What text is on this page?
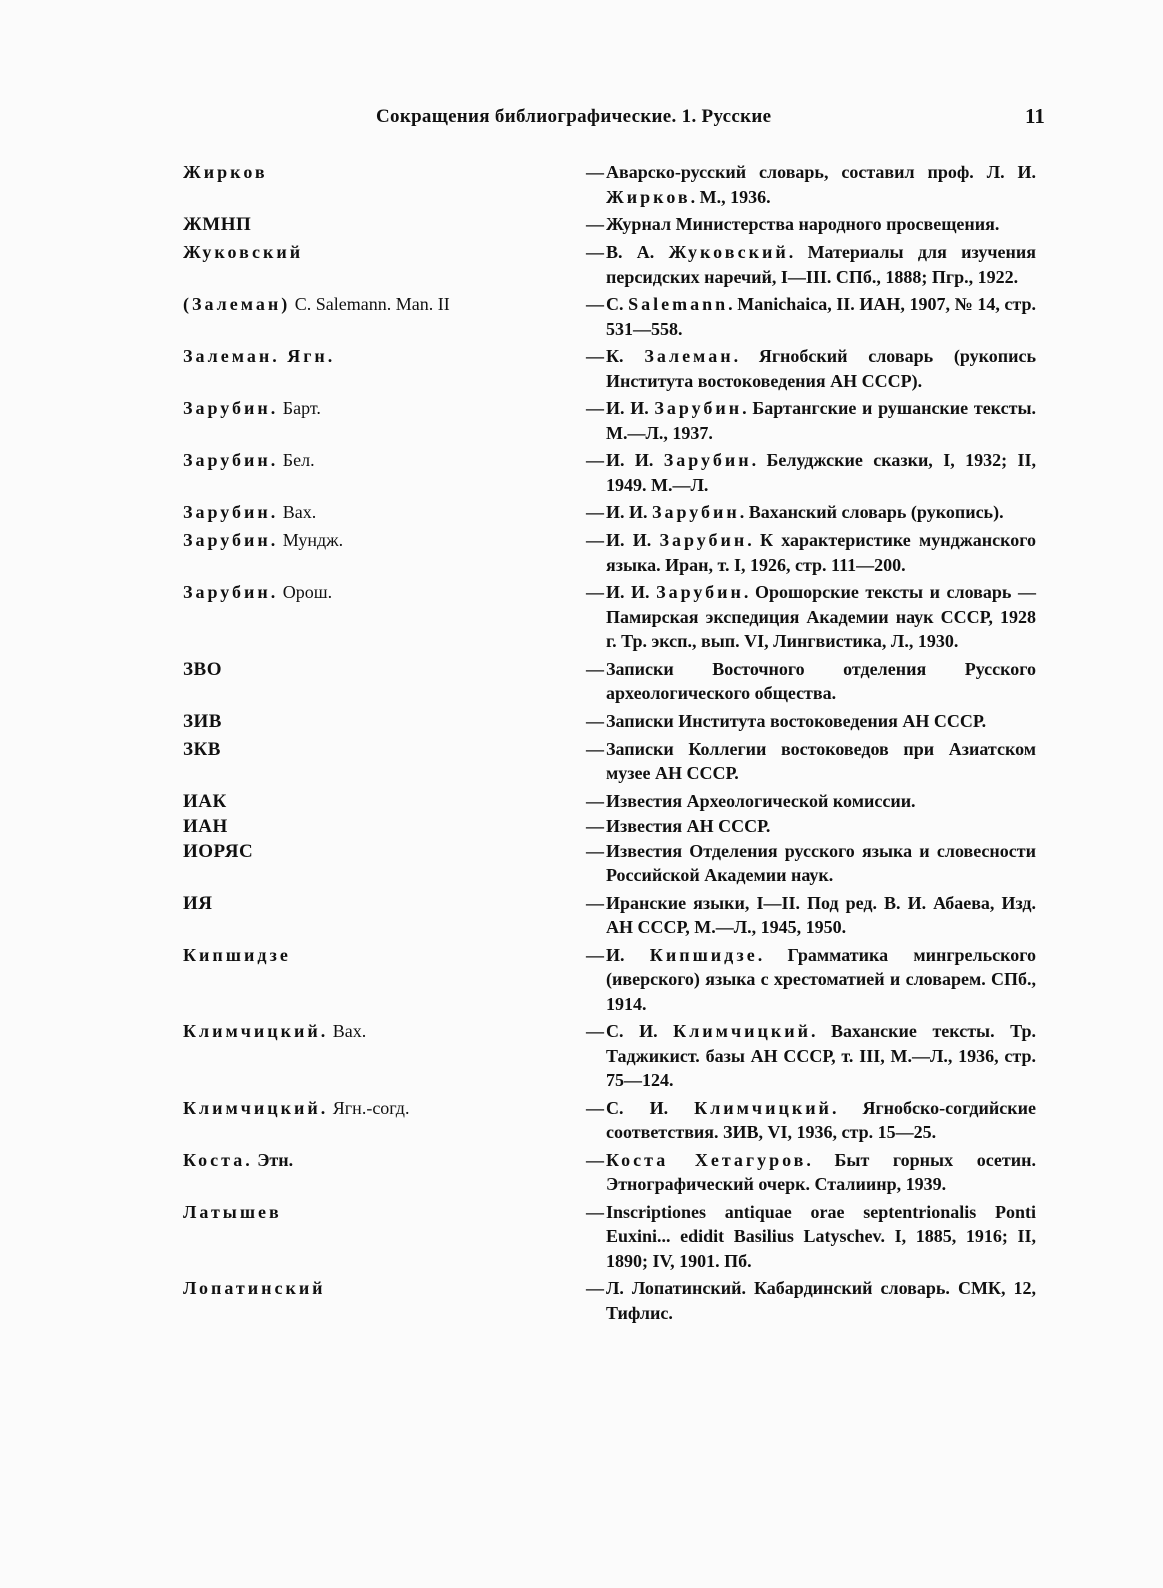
Сокращения библиографические. 1. Русские	11
Жирков	— Аварско-русский словарь, составил проф. Л. И. Жирков. М., 1936.
ЖМНП	— Журнал Министерства народного просвещения.
Жуковский	— В. А. Жуковский. Материалы для изучения персидских наречий, I—III. СПб., 1888; Пгр., 1922.
(Залеман) C. Salemann. Man. II	— C. Salemann. Manichaica, II. ИАН, 1907, № 14, стр. 531—558.
Залеман. Ягн.	— К. Залеман. Ягнобский словарь (рукопись Института востоковедения АН СССР).
Зарубин. Барт.	— И. И. Зарубин. Бартангские и рушанские тексты. М.—Л., 1937.
Зарубин. Бел.	— И. И. Зарубин. Белуджские сказки, I, 1932; II, 1949. М.—Л.
Зарубин. Вах.	— И. И. Зарубин. Ваханский словарь (рукопись).
Зарубин. Мундж.	— И. И. Зарубин. К характеристике мунджанского языка. Иран, т. I, 1926, стр. 111—200.
Зарубин. Орош.	— И. И. Зарубин. Орошорские тексты и словарь — Памирская экспедиция Академии наук СССР, 1928 г. Тр. эксп., вып. VI, Лингвистика, Л., 1930.
ЗВО	— Записки Восточного отделения Русского археологического общества.
ЗИВ	— Записки Института востоковедения АН СССР.
ЗКВ	— Записки Коллегии востоковедов при Азиатском музее АН СССР.
ИАК	— Известия Археологической комиссии.
ИАН	— Известия АН СССР.
ИОРЯС	— Известия Отделения русского языка и словесности Российской Академии наук.
ИЯ	— Иранские языки, I—II. Под ред. В. И. Абаева, Изд. АН СССР, М.—Л., 1945, 1950.
Кипшидзе	— И. Кипшидзе. Грамматика мингрельского (иверского) языка с хрестоматией и словарем. СПб., 1914.
Климчицкий. Вах.	— С. И. Климчицкий. Ваханские тексты. Тр. Таджикист. базы АН СССР, т. III, М.—Л., 1936, стр. 75—124.
Климчицкий. Ягн.-согд.	— С. И. Климчицкий. Ягнобско-согдийские соответствия. ЗИВ, VI, 1936, стр. 15—25.
Коста. Этн.	— Коста Хетагуров. Быт горных осетин. Этнографический очерк. Сталиинр, 1939.
Латышев	— Inscriptiones antiquae orae septentrionalis Ponti Euxini... edidit Basilius Latyschev. I, 1885, 1916; II, 1890; IV, 1901. Пб.
Лопатинский	— Л. Лопатинский. Кабардинский словарь. СМК, 12, Тифлис.
